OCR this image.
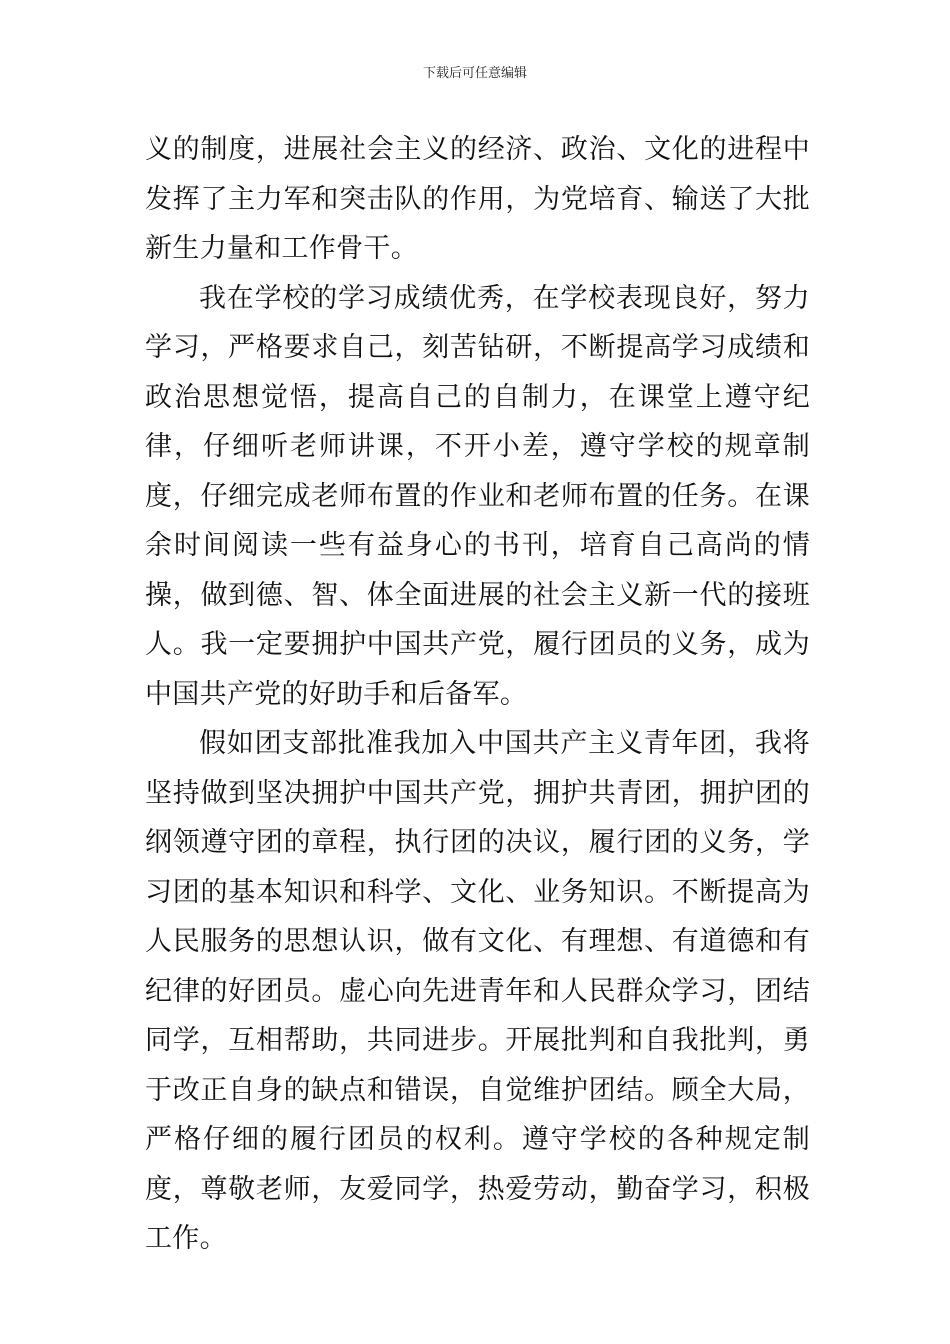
下载后可任意编辑

义的制度，进展社会主义的经济、政治、文化的进程中发挥了主力军和突击队的作用，为党培育、输送了大批新生力量和工作骨干。

我在学校的学习成绩优秀，在学校表现良好，努力学习，严格要求自己，刻苦钻研，不断提高学习成绩和政治思想觉悟，提高自己的自制力，在课堂上遵守纪律，仔细听老师讲课，不开小差，遵守学校的规章制度，仔细完成老师布置的作业和老师布置的任务。在课余时间阅读一些有益身心的书刊，培育自己高尚的情操，做到德、智、体全面进展的社会主义新一代的接班人。我一定要拥护中国共产党，履行团员的义务，成为中国共产党的好助手和后备军。

假如团支部批准我加入中国共产主义青年团，我将坚持做到坚决拥护中国共产党，拥护共青团，拥护团的纲领遵守团的章程，执行团的决议，履行团的义务，学习团的基本知识和科学、文化、业务知识。不断提高为人民服务的思想认识，做有文化、有理想、有道德和有纪律的好团员。虚心向先进青年和人民群众学习，团结同学，互相帮助，共同进步。开展批判和自我批判，勇于改正自身的缺点和错误，自觉维护团结。顾全大局，严格仔细的履行团员的权利。遵守学校的各种规定制度，尊敬老师，友爱同学，热爱劳动，勤奋学习，积极工作。
